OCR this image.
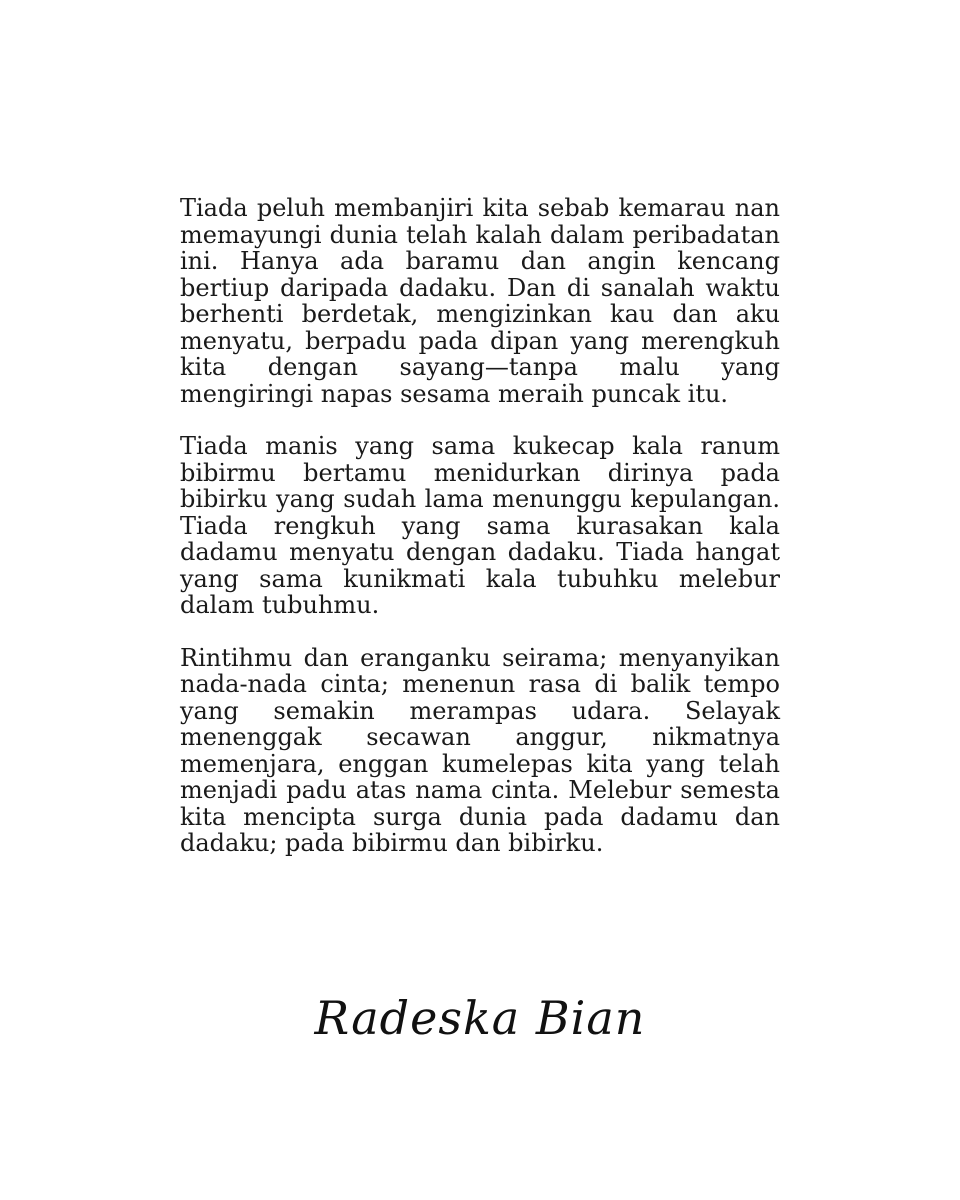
Tiada peluh membanjiri kita sebab kemarau nan memayungi dunia telah kalah dalam peribadatan ini. Hanya ada baramu dan angin kencang bertiup daripada dadaku. Dan di sanalah waktu berhenti berdetak, mengizinkan kau dan aku menyatu, berpadu pada dipan yang merengkuh kita dengan sayang—tanpa malu yang mengiringi napas sesama meraih puncak itu.

Tiada manis yang sama kukecap kala ranum bibirmu bertamu menidurkan dirinya pada bibirku yang sudah lama menunggu kepulangan. Tiada rengkuh yang sama kurasakan kala dadamu menyatu dengan dadaku. Tiada hangat yang sama kunikmati kala tubuhku melebur dalam tubuhmu.

Rintihmu dan eranganku seirama; menyanyikan nada-nada cinta; menenun rasa di balik tempo yang semakin merampas udara. Selayak menenggak secawan anggur, nikmatnya memenjara, enggan kumelepas kita yang telah menjadi padu atas nama cinta. Melebur semesta kita mencipta surga dunia pada dadamu dan dadaku; pada bibirmu dan bibirku.

Radeska Bian
